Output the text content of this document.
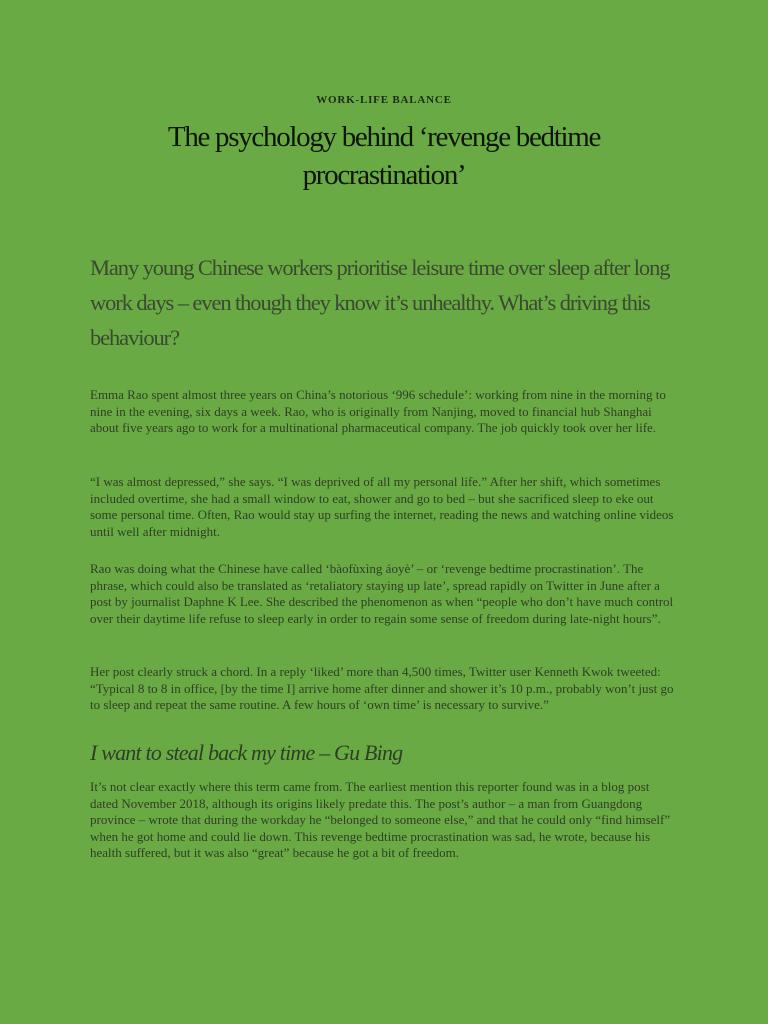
WORK-LIFE BALANCE
The psychology behind ‘revenge bedtime procrastination’

Many young Chinese workers prioritise leisure time over sleep after long work days – even though they know it’s unhealthy. What’s driving this behaviour?

Emma Rao spent almost three years on China’s notorious ‘996 schedule’: working from nine in the morning to nine in the evening, six days a week. Rao, who is originally from Nanjing, moved to financial hub Shanghai about five years ago to work for a multinational pharmaceutical company. The job quickly took over her life.

“I was almost depressed,” she says. “I was deprived of all my personal life.” After her shift, which sometimes included overtime, she had a small window to eat, shower and go to bed – but she sacrificed sleep to eke out some personal time. Often, Rao would stay up surfing the internet, reading the news and watching online videos until well after midnight.

Rao was doing what the Chinese have called ‘bàofùxìng áoyè’ – or ‘revenge bedtime procrastination’. The phrase, which could also be translated as ‘retaliatory staying up late’, spread rapidly on Twitter in June after a post by journalist Daphne K Lee. She described the phenomenon as when “people who don’t have much control over their daytime life refuse to sleep early in order to regain some sense of freedom during late-night hours”.

Her post clearly struck a chord. In a reply ‘liked’ more than 4,500 times, Twitter user Kenneth Kwok tweeted: “Typical 8 to 8 in office, [by the time I] arrive home after dinner and shower it’s 10 p.m., probably won’t just go to sleep and repeat the same routine. A few hours of ‘own time’ is necessary to survive.”

I want to steal back my time – Gu Bing

It’s not clear exactly where this term came from. The earliest mention this reporter found was in a blog post dated November 2018, although its origins likely predate this. The post’s author – a man from Guangdong province – wrote that during the workday he “belonged to someone else,” and that he could only “find himself” when he got home and could lie down. This revenge bedtime procrastination was sad, he wrote, because his health suffered, but it was also “great” because he got a bit of freedom.
